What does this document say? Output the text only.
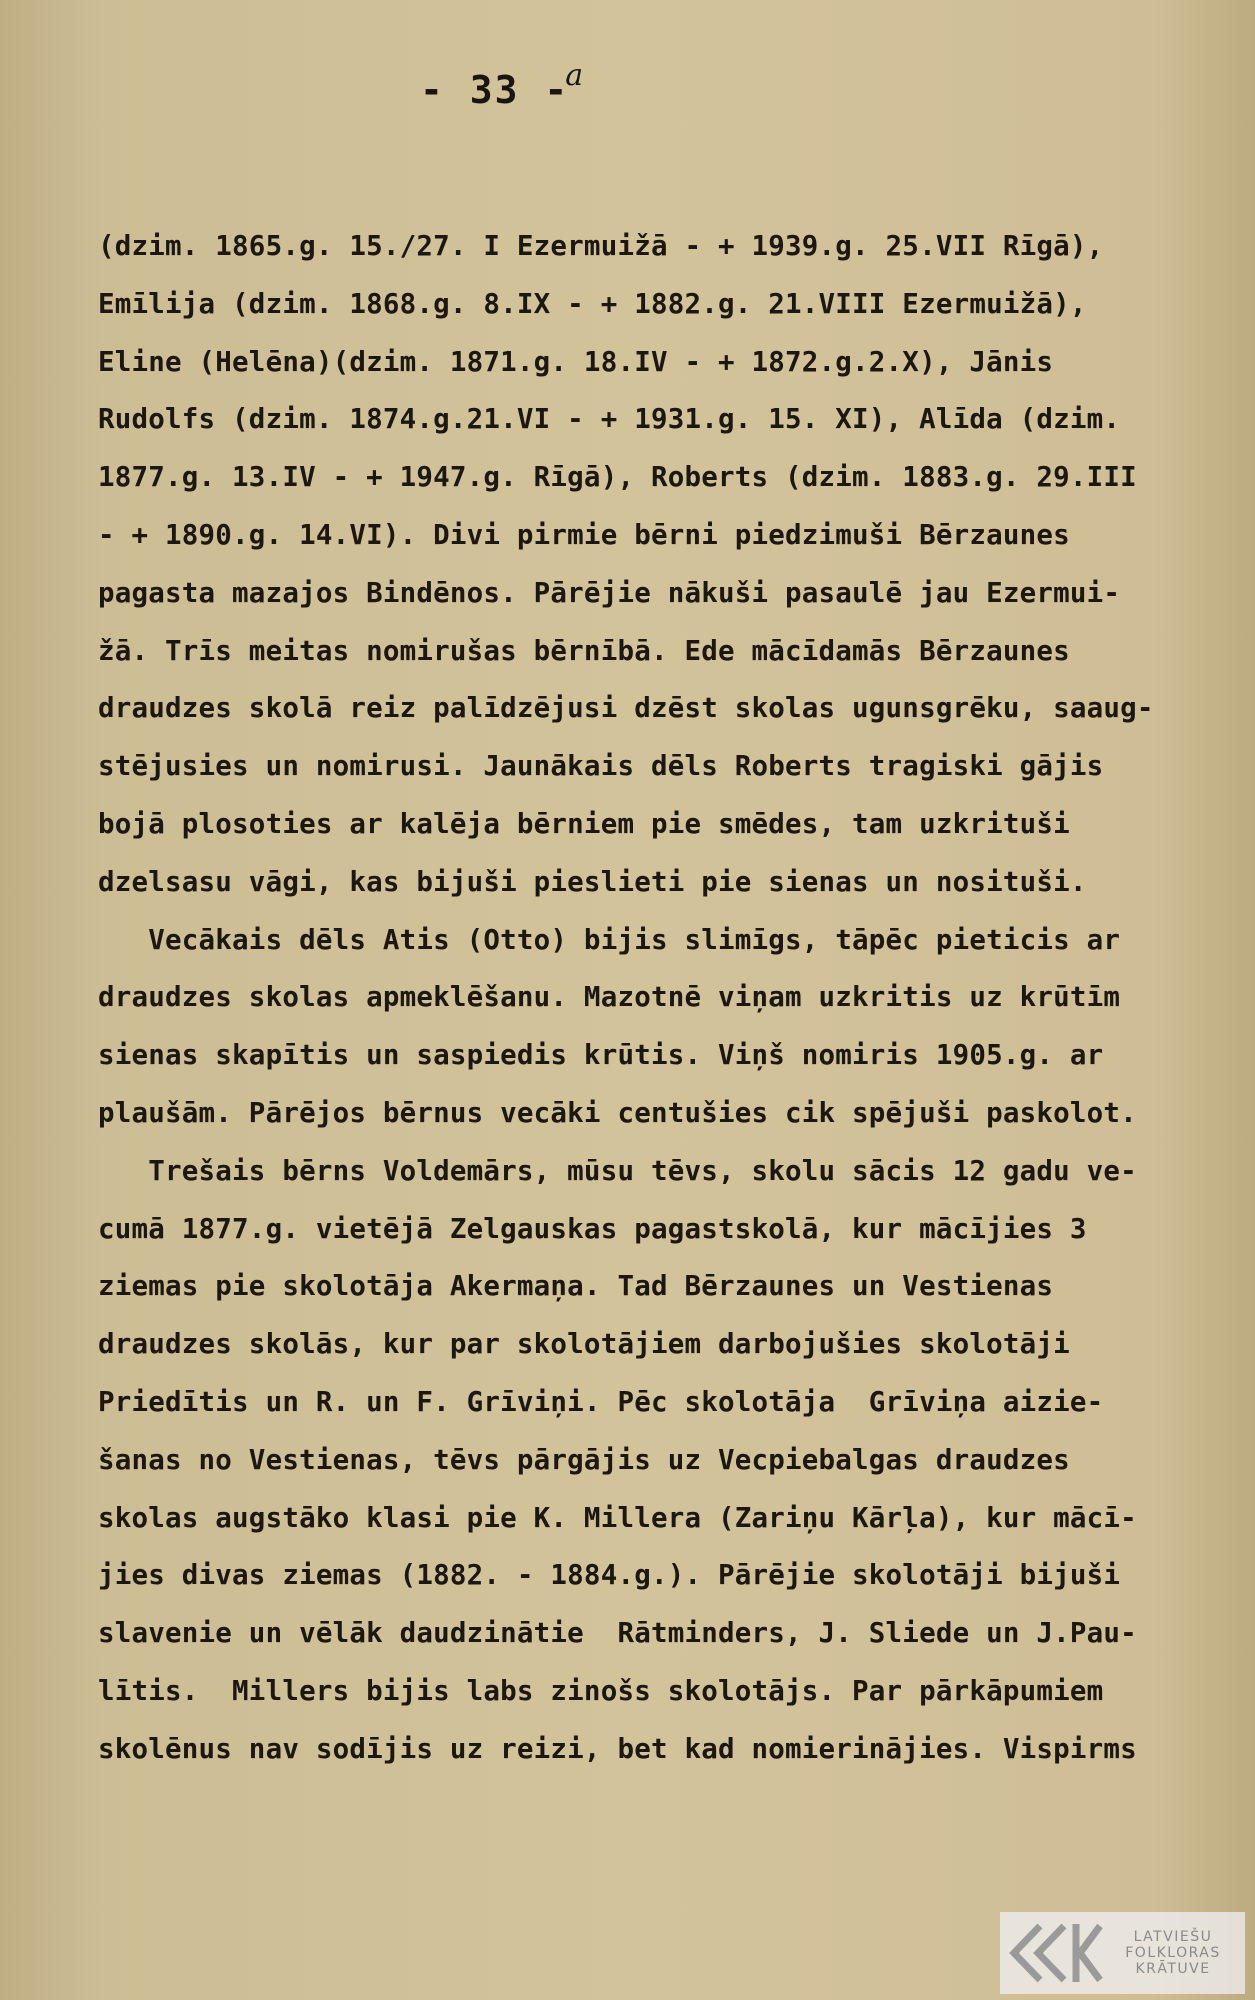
- 33 -$^a$
(dzim. 1865.g. 15./27. I Ezermuižā - + 1939.g. 25.VII Rīgā),
Emīlija (dzim. 1868.g. 8.IX - + 1882.g. 21.VIII Ezermuižā),
Eline (Helēna)(dzim. 1871.g. 18.IV - + 1872.g.2.X), Jānis
Rudolfs (dzim. 1874.g.21.VI - + 1931.g. 15. XI), Alīda (dzim.
1877.g. 13.IV - + 1947.g. Rīgā), Roberts (dzim. 1883.g. 29.III
- + 1890.g. 14.VI). Divi pirmie bērni piedzimuši Bērzaunes
pagasta mazajos Bindēnos. Pārējie nākuši pasaulē jau Ezermui-
žā. Trīs meitas nomirušas bērnībā. Ede mācīdamās Bērzaunes
draudzes skolā reiz palīdzējusi dzēst skolas ugunsgrēku, saaug-
stējusies un nomirusi. Jaunākais dēls Roberts tragiski gājis
bojā plosoties ar kalēja bērniem pie smēdes, tam uzkrituši
dzelsasu vāgi, kas bijuši pieslieti pie sienas un nosituši.
Vecākais dēls Atis (Otto) bijis slimīgs, tāpēc pieticis ar
draudzes skolas apmeklēšanu. Mazotnē viņam uzkritis uz krūtīm
sienas skapītis un saspiedis krūtis. Viņš nomiris 1905.g. ar
plaušām. Pārējos bērnus vecāki centušies cik spējuši paskolot.
Trešais bērns Voldemārs, mūsu tēvs, skolu sācis 12 gadu ve-
cumā 1877.g. vietējā Zelgauskas pagastskolā, kur mācījies 3
ziemas pie skolotāja Akermaņa. Tad Bērzaunes un Vestienas
draudzes skolās, kur par skolotājiem darbojušies skolotāji
Priedītis un R. un F. Grīviņi. Pēc skolotāja  Grīviņa aizie-
šanas no Vestienas, tēvs pārgājis uz Vecpiebalgas draudzes
skolas augstāko klasi pie K. Millera (Zariņu Kārļa), kur mācī-
jies divas ziemas (1882. - 1884.g.). Pārējie skolotāji bijuši
slavenie un vēlāk daudzinātie  Rātminders, J. Sliede un J.Pau-
lītis.  Millers bijis labs zinošs skolotājs. Par pārkāpumiem
skolēnus nav sodījis uz reizi, bet kad nomierinājies. Vispirms
LATVIEŠU
FOLKLORAS
KRĀTUVE
